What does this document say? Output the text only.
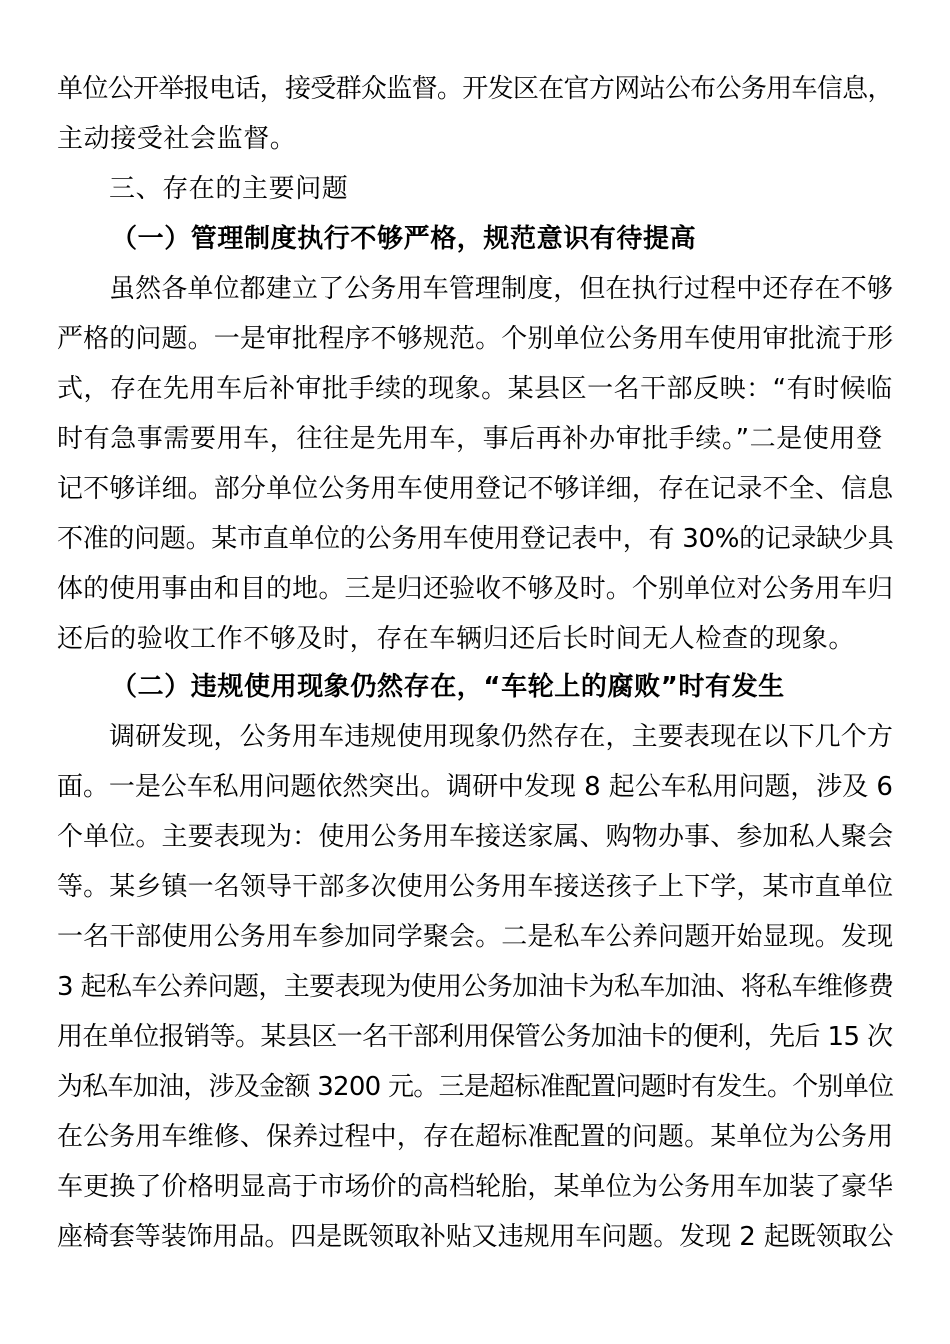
单位公开举报电话，接受群众监督。开发区在官方网站公布公务用车信息，
主动接受社会监督。
三、存在的主要问题
（一）管理制度执行不够严格，规范意识有待提高
虽然各单位都建立了公务用车管理制度，但在执行过程中还存在不够
严格的问题。一是审批程序不够规范。个别单位公务用车使用审批流于形
式，存在先用车后补审批手续的现象。某县区一名干部反映：“有时候临
时有急事需要用车，往往是先用车，事后再补办审批手续。”二是使用登
记不够详细。部分单位公务用车使用登记不够详细，存在记录不全、信息
不准的问题。某市直单位的公务用车使用登记表中，有 30%的记录缺少具
体的使用事由和目的地。三是归还验收不够及时。个别单位对公务用车归
还后的验收工作不够及时，存在车辆归还后长时间无人检查的现象。
（二）违规使用现象仍然存在，“车轮上的腐败”时有发生
调研发现，公务用车违规使用现象仍然存在，主要表现在以下几个方
面。一是公车私用问题依然突出。调研中发现 8 起公车私用问题，涉及 6
个单位。主要表现为：使用公务用车接送家属、购物办事、参加私人聚会
等。某乡镇一名领导干部多次使用公务用车接送孩子上下学，某市直单位
一名干部使用公务用车参加同学聚会。二是私车公养问题开始显现。发现
3 起私车公养问题，主要表现为使用公务加油卡为私车加油、将私车维修费
用在单位报销等。某县区一名干部利用保管公务加油卡的便利，先后 15 次
为私车加油，涉及金额 3200 元。三是超标准配置问题时有发生。个别单位
在公务用车维修、保养过程中，存在超标准配置的问题。某单位为公务用
车更换了价格明显高于市场价的高档轮胎，某单位为公务用车加装了豪华
座椅套等装饰用品。四是既领取补贴又违规用车问题。发现 2 起既领取公
